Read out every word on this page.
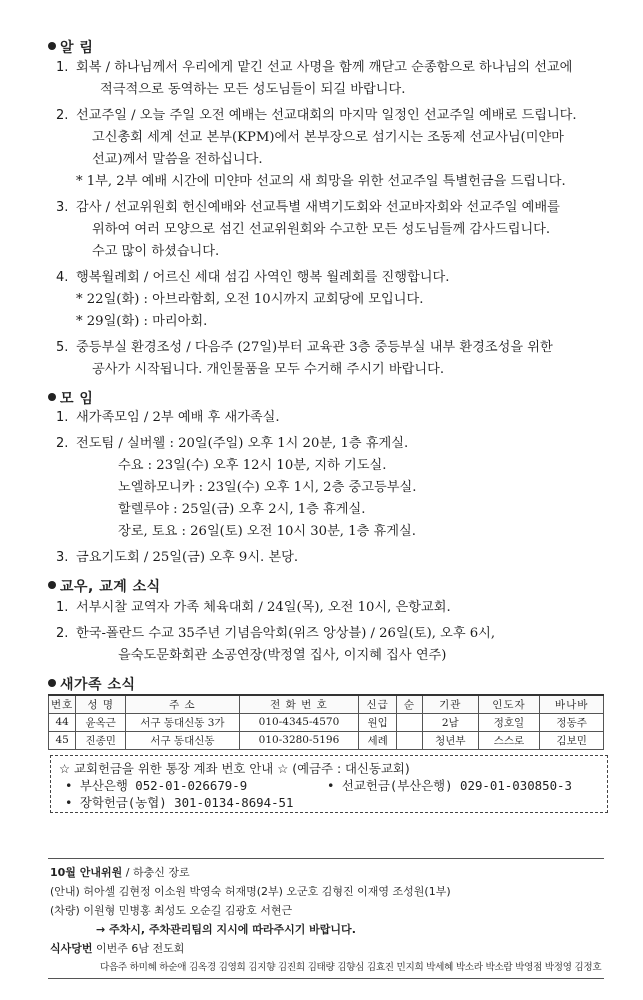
알 림
1. 회복 / 하나님께서 우리에게 맡긴 선교 사명을 함께 깨닫고 순종함으로 하나님의 선교에
적극적으로 동역하는 모든 성도님들이 되길 바랍니다.
2. 선교주일 / 오늘 주일 오전 예배는 선교대회의 마지막 일정인 선교주일 예배로 드립니다.
고신총회 세계 선교 본부(KPM)에서 본부장으로 섬기시는 조동제 선교사님(미얀마
선교)께서 말씀을 전하십니다.
* 1부, 2부 예배 시간에 미얀마 선교의 새 희망을 위한 선교주일 특별헌금을 드립니다.
3. 감사 / 선교위원회 헌신예배와 선교특별 새벽기도회와 선교바자회와 선교주일 예배를
위하여 여러 모양으로 섬긴 선교위원회와 수고한 모든 성도님들께 감사드립니다.
수고 많이 하셨습니다.
4. 행복월례회 / 어르신 세대 섬김 사역인 행복 월례회를 진행합니다.
* 22일(화) : 아브라함회, 오전 10시까지 교회당에 모입니다.
* 29일(화) : 마리아회.
5. 중등부실 환경조성 / 다음주 (27일)부터 교육관 3층 중등부실 내부 환경조성을 위한
공사가 시작됩니다. 개인물품을 모두 수거해 주시기 바랍니다.
모 임
1. 새가족모임 / 2부 예배 후 새가족실.
2. 전도팀 / 실버웰 : 20일(주일) 오후 1시 20분, 1층 휴게실.
수요 : 23일(수) 오후 12시 10분, 지하 기도실.
노엘하모니카 : 23일(수) 오후 1시, 2층 중고등부실.
할렐루야 : 25일(금) 오후 2시, 1층 휴게실.
장로, 토요 : 26일(토) 오전 10시 30분, 1층 휴게실.
3. 금요기도회 / 25일(금) 오후 9시. 본당.
교우, 교계 소식
1. 서부시찰 교역자 가족 체육대회 / 24일(목), 오전 10시, 은항교회.
2. 한국-폴란드 수교 35주년 기념음악회(위즈 앙상블) / 26일(토), 오후 6시,
을숙도문화회관 소공연장(박정열 집사, 이지혜 집사 연주)
새가족 소식
번호	성 명	주 소	전 화 번 호	신급	순	기관	인도자	바나바
44	윤옥근	서구 동대신동 3가	010-4345-4570	원입		2남	정호일	정동주
45	진종민	서구 동대신동	010-3280-5196	세례		청년부	스스로	김보민
☆ 교회헌금을 위한 통장 계좌 번호 안내 ☆ (예금주 : 대신동교회)
• 부산은행 052-01-026679-9	• 선교헌금(부산은행) 029-01-030850-3
• 장학헌금(농협) 301-0134-8694-51
10월 안내위원 / 하충신 장로
(안내) 허아셀 김현정 이소원 박영숙 허재명(2부) 오군호 김형진 이재영 조성원(1부)
(차량) 이원형 민병홍 최성도 오순길 김광호 서현근
→ 주차시, 주차관리팀의 지시에 따라주시기 바랍니다.
식사당번 이번주 6남 전도회
다음주 하미혜 하순애 김옥경 김영희 김지향 김진희 김태량 김향심 김효진 민지희 박세혜 박소라 박소람 박영점 박정영 김정호
